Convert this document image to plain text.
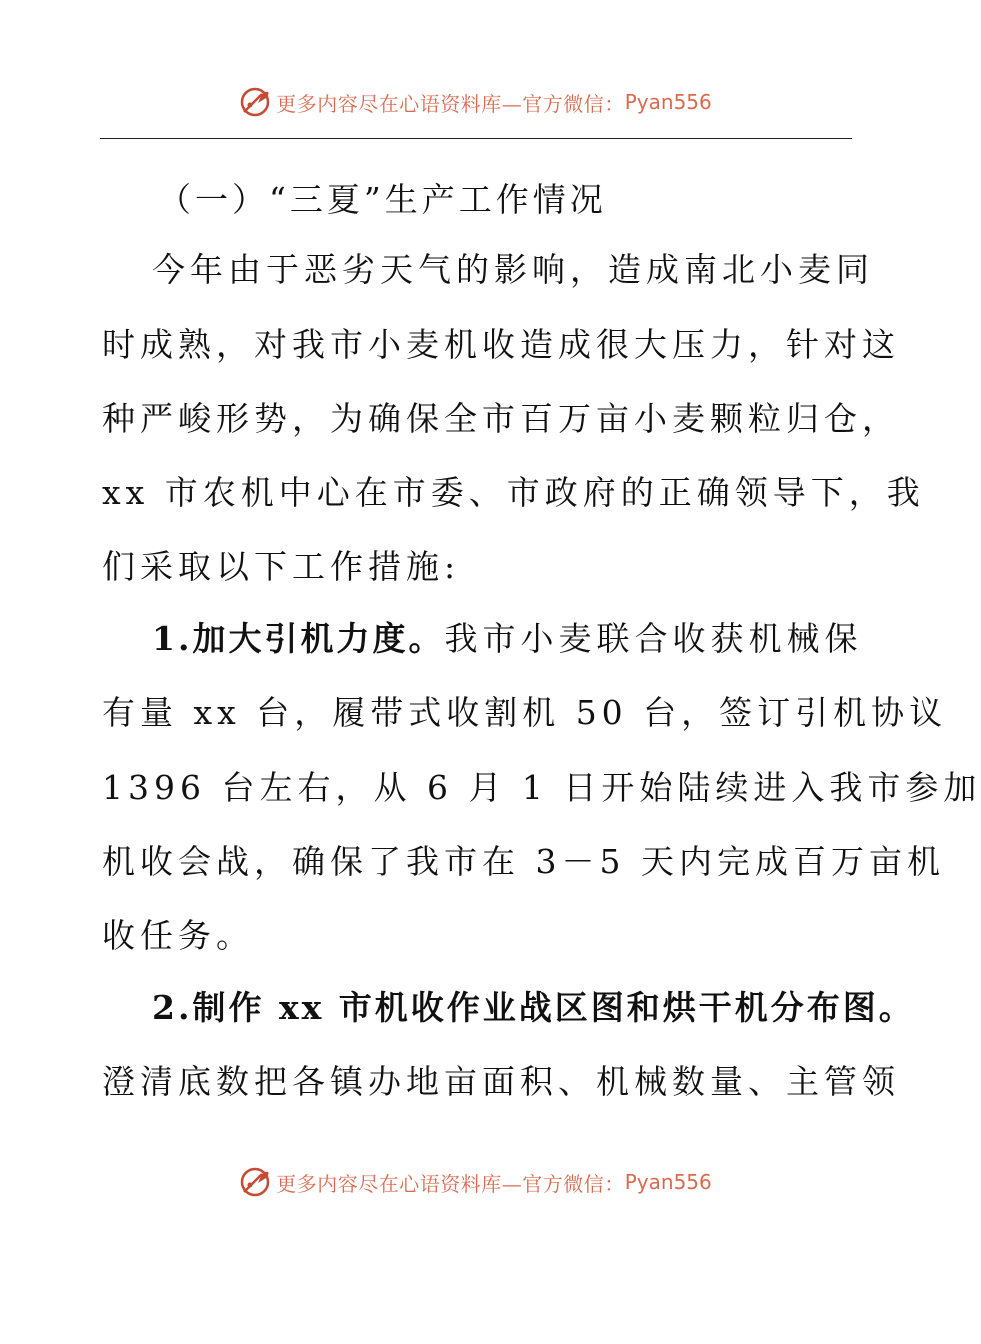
更多内容尽在心语资料库—官方微信： Pyan556
（一）“三夏”生产工作情况
今年由于恶劣天气的影响，造成南北小麦同
时成熟，对我市小麦机收造成很大压力，针对这
种严峻形势，为确保全市百万亩小麦颗粒归仓，
xx 市农机中心在市委、市政府的正确领导下，我
们采取以下工作措施:
1.加大引机力度。我市小麦联合收获机械保
有量 xx 台，履带式收割机 50 台，签订引机协议
1396 台左右，从 6 月 1 日开始陆续进入我市参加
机收会战，确保了我市在 3－5 天内完成百万亩机
收任务。
2.制作 xx 市机收作业战区图和烘干机分布图。
澄清底数把各镇办地亩面积、机械数量、主管领
更多内容尽在心语资料库—官方微信： Pyan556
